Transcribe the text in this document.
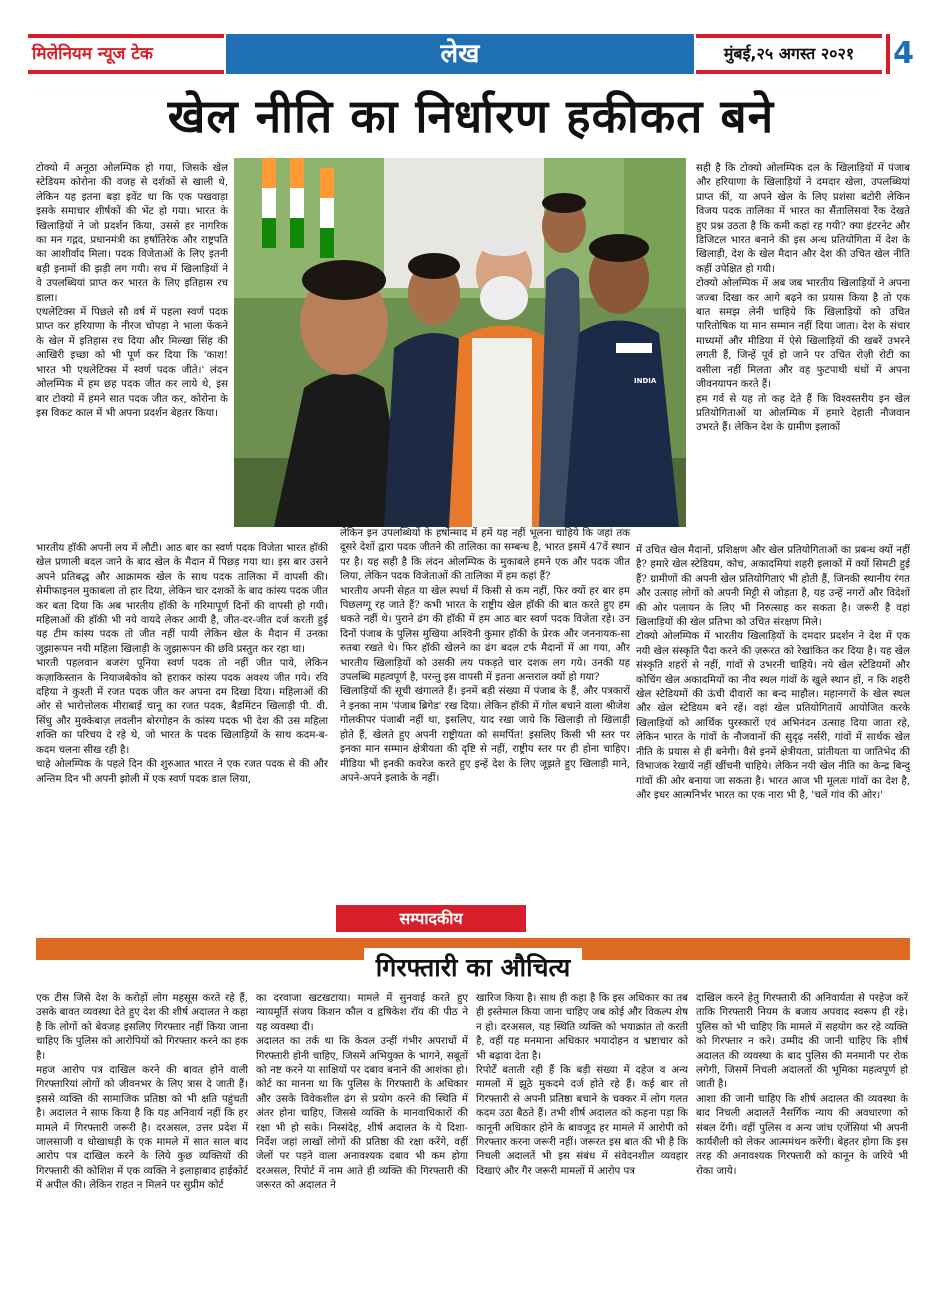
मिलेनियम न्यूज टेक	लेख	मुंबई,२५ अगस्त २०२१	4
खेल नीति का निर्धारण हकीकत बने

टोक्यो में अनूठा ओलम्पिक हो गया, जिसके खेल स्टेडियम कोरोना की वजह से दर्शकों से खाली थे, लेकिन यह इतना बड़ा इवेंट था कि एक पखवाड़ा इसके समाचार शीर्षकों की भेंट हो गया। भारत के खिलाड़ियों ने जो प्रदर्शन किया, उससे हर नागरिक का मन गद्गद, प्रधानमंत्री का हर्षातिरेक और राष्ट्रपति का आशीर्वाद मिला। पदक विजेताओं के लिए इतनी बड़ी इनामों की झड़ी लग गयी। सच में खिलाड़ियों ने वे उपलब्धियां प्राप्त कर भारत के लिए इतिहास रच डाला।

एथलेटिक्स में पिछले सौ वर्ष में पहला स्वर्ण पदक प्राप्त कर हरियाणा के नीरज चोपड़ा ने भाला फेंकने के खेल में इतिहास रच दिया और मिल्खा सिंह की आखिरी इच्छा को भी पूर्ण कर दिया कि 'काश! भारत भी एथलेटिक्स में स्वर्ण पदक जीते।' लंदन ओलम्पिक में हम छह पदक जीत कर लाये थे, इस बार टोक्यो में हमने सात पदक जीत कर, कोरोना के इस विकट काल में भी अपना प्रदर्शन बेहतर किया।

भारतीय हॉकी अपनी लय में लौटी। आठ बार का स्वर्ण पदक विजेता भारत हॉकी खेल प्रणाली बदल जाने के बाद खेल के मैदान में पिछड़ गया था। इस बार उसने अपने प्रतिबद्ध और आक्रामक खेल के साथ पदक तालिका में वापसी की। सेमीफाइनल मुकाबला तो हार दिया, लेकिन चार दशकों के बाद कांस्य पदक जीत कर बता दिया कि अब भारतीय हॉकी के गरिमापूर्ण दिनों की वापसी हो गयी। महिलाओं की हॉकी भी नये वायदे लेकर आयी है, जीत-दर-जीत दर्ज करती हुई यह टीम कांस्य पदक तो जीत नहीं पायी लेकिन खेल के मैदान में उनका जुझारूपन नयी महिला खिलाड़ी के जुझारूपन की छवि प्रस्तुत कर रहा था।

भारती पहलवान बजरंग पूनिया स्वर्ण पदक तो नहीं जीत पाये, लेकिन कज़ाकिस्तान के नियाजबेकोव को हराकर कांस्य पदक अवश्य जीत गये। रवि दहिया ने कुश्ती में रजत पदक जीत कर अपना दम दिखा दिया। महिलाओं की ओर से भारोत्तोलक मीराबाई चानू का रजत पदक, बैडमिंटन खिलाड़ी पी. वी. सिंधु और मुक्केबाज़ लवलीन बोरगोहन के कांस्य पदक भी देश की उस महिला शक्ति का परिचय दे रहे थे, जो भारत के पदक खिलाड़ियों के साथ कदम-ब-कदम चलना सीख रही है।

चाहे ओलम्पिक के पहले दिन की शुरुआत भारत ने एक रजत पदक से की और अन्तिम दिन भी अपनी झोली में एक स्वर्ण पदक डाल लिया,

INDIA

लेकिन इन उपलब्धियों के हर्षोन्माद में हमें यह नहीं भूलना चाहिये कि जहां तक दूसरे देशों द्वारा पदक जीतने की तालिका का सम्बन्ध है, भारत इसमें 47वें स्थान पर है। यह सही है कि लंदन ओलम्पिक के मुकाबले हमने एक और पदक जीत लिया, लेकिन पदक विजेताओं की तालिका में हम कहां हैं?

भारतीय अपनी सेहत या खेल स्पर्धा में किसी से कम नहीं, फिर क्यों हर बार हम पिछलग्गू रह जाते हैं? कभी भारत के राष्ट्रीय खेल हॉकी की बात करते हुए हम थकते नहीं थे। पुराने ढंग की हॉकी में हम आठ बार स्वर्ण पदक विजेता रहे। उन दिनों पंजाब के पुलिस मुखिया अश्विनी कुमार हॉकी के प्रेरक और जननायक-सा रुतबा रखते थे। फिर हॉकी खेलने का ढंग बदल टर्फ मैदानों में आ गया, और भारतीय खिलाड़ियों को उसकी लय पकड़ते चार दशक लग गये। उनकी यह उपलब्धि महत्वपूर्ण है, परन्तु इस वापसी में इतना अन्तराल क्यों हो गया?

खिलाड़ियों की सूची खंगालते हैं। इनमें बड़ी संख्या में पंजाब के हैं, और पत्रकारों ने इनका नाम 'पंजाब ब्रिगेड' रख दिया। लेकिन हॉकी में गोल बचाने वाला श्रीजेश गोलकीपर पंजाबी नहीं था, इसलिए, याद रखा जाये कि खिलाड़ी तो खिलाड़ी होते हैं, खेलते हुए अपनी राष्ट्रीयता को समर्पित! इसलिए किसी भी स्तर पर इनका मान सम्मान क्षेत्रीयता की दृष्टि से नहीं, राष्ट्रीय स्तर पर ही होना चाहिए। मीडिया भी इनकी कवरेज करते हुए इन्हें देश के लिए जूझते हुए खिलाड़ी माने, अपने-अपने इलाके के नहीं।

सही है कि टोक्यो ओलम्पिक दल के खिलाड़ियों में पंजाब और हरियाणा के खिलाड़ियों ने दमदार खेला, उपलब्धियां प्राप्त कीं, या अपने खेल के लिए प्रशंसा बटोरी लेकिन विजय पदक तालिका में भारत का सैंतालिसवां रैंक देखते हुए प्रश्न उठता है कि कमी कहां रह गयी? क्या इंटरनेट और डिजिटल भारत बनाने की इस अन्ध प्रतियोगिता में देश के खिलाड़ी, देश के खेल मैदान और देश की उचित खेल नीति कहीं उपेक्षित हो गयी।

टोक्यो ओलम्पिक में अब जब भारतीय खिलाड़ियों ने अपना जज्बा दिखा कर आगे बढ़ने का प्रयास किया है तो एक बात समझ लेनी चाहिये कि खिलाड़ियों को उचित पारितोषिक या मान सम्मान नहीं दिया जाता। देश के संचार माध्यमों और मीडिया में ऐसे खिलाड़ियों की खबरें उभरने लगती हैं, जिन्हें पूर्व हो जाने पर उचित रोज़ी रोटी का वसीला नहीं मिलता और वह फुटपाथी धंधों में अपना जीवनयापन करते हैं।

हम गर्व से यह तो कह देते हैं कि विश्वस्तरीय इन खेल प्रतियोगिताओं या ओलम्पिक में हमारे देहाती नौजवान उभरते हैं। लेकिन देश के ग्रामीण इलाकों

में उचित खेल मैदानों, प्रशिक्षण और खेल प्रतियोगिताओं का प्रबन्ध क्यों नहीं है? हमारे खेल स्टेडियम, कोच, अकादमियां शहरी इलाकों में क्यों सिमटी हुई हैं? ग्रामीणों की अपनी खेल प्रतियोगिताएं भी होती हैं, जिनकी स्थानीय रंगत और उत्साह लोगों को अपनी मिट्टी से जोड़ता है, यह उन्हें नगरों और विदेशों की ओर पलायन के लिए भी निरुत्साह कर सकता है। जरूरी है वहां खिलाड़ियों की खेल प्रतिभा को उचित संरक्षण मिले।

टोक्यो ओलम्पिक में भारतीय खिलाड़ियों के दमदार प्रदर्शन ने देश में एक नयी खेल संस्कृति पैदा करने की ज़रूरत को रेखांकित कर दिया है। यह खेल संस्कृति शहरों से नहीं, गांवों से उभरनी चाहिये। नये खेल स्टेडियमों और कोचिंग खेल अकादमियों का नीव स्थल गांवों के खुले स्थान हों, न कि शहरी खेल स्टेडियमों की ऊंची दीवारों का बन्द माहौल। महानगरों के खेल स्थल और खेल स्टेडियम बने रहें। वहां खेल प्रतियोगितायें आयोजित करके खिलाड़ियों को आर्थिक पुरस्कारों एवं अभिनंदन उत्साह दिया जाता रहे, लेकिन भारत के गांवों के नौजवानों की सुदृढ़ नर्सरी, गांवों में सार्थक खेल नीति के प्रयास से ही बनेगी। वैसे इनमें क्षेत्रीयता, प्रांतीयता या जातिभेद की विभाजक रेखायें नहीं खींचनी चाहिये। लेकिन नयी खेल नीति का केन्द्र बिन्दु गांवों की ओर बनाया जा सकता है। भारत आज भी मूलतः गांवों का देश है, और इधर आत्मनिर्भर भारत का एक नारा भी है, 'चलें गांव की ओर।'

सम्पादकीय
गिरफ्तारी का औचित्य

एक टीस जिसे देश के करोड़ों लोग महसूस करते रहे हैं, उसके बावत व्यवस्था देते हुए देश की शीर्ष अदालत ने कहा है कि लोगों को बेवजह इसलिए गिरफ्तार नहीं किया जाना चाहिए कि पुलिस को आरोपियों को गिरफ्तार करने का हक है।

महज आरोप पत्र दाखिल करने की बावत होने वाली गिरफ्तारियां लोगों को जीवनभर के लिए त्रास दे जाती हैं। इससे व्यक्ति की सामाजिक प्रतिष्ठा को भी क्षति पहुंचती है। अदालत ने साफ किया है कि यह अनिवार्य नहीं कि हर मामले में गिरफ्तारी जरूरी है। दरअसल, उत्तर प्रदेश में जालसाजी व धोखाधड़ी के एक मामले में सात साल बाद आरोप पत्र दाखिल करने के लिये कुछ व्यक्तियों की गिरफ्तारी की कोशिश में एक व्यक्ति ने इलाहाबाद हाईकोर्ट में अपील की। लेकिन राहत न मिलने पर सुप्रीम कोर्ट

का दरवाजा खटखटाया। मामले में सुनवाई करते हुए न्यायमूर्ति संजय किशन कौल व हृषिकेश रॉय की पीठ ने यह व्यवस्था दी।

अदालत का तर्क था कि केवल उन्हीं गंभीर अपराधों में गिरफ्तारी होनी चाहिए, जिसमें अभियुक्त के भागने, सबूतों को नष्ट करने या साक्षियों पर दबाव बनाने की आशंका हो। कोर्ट का मानना था कि पुलिस के गिरफ्तारी के अधिकार और उसके विवेकशील ढंग से प्रयोग करने की स्थिति में अंतर होना चाहिए, जिससे व्यक्ति के मानवाधिकारों की रक्षा भी हो सके। निस्संदेह, शीर्ष अदालत के ये दिशा-निर्देश जहां लाखों लोगों की प्रतिष्ठा की रक्षा करेंगे, वहीं जेलों पर पड़ने वाला अनावश्यक दबाव भी कम होगा दरअसल, रिपोर्ट में नाम आते ही व्यक्ति की गिरफ्तारी की जरूरत को अदालत ने

खारिज किया है। साथ ही कहा है कि इस अधिकार का तब ही इस्तेमाल किया जाना चाहिए जब कोई और विकल्प शेष न हो। दरअसल, यह स्थिति व्यक्ति को भयाक्रांत तो करती है, वहीं यह मनमाना अधिकार भयादोहन व भ्रष्टाचार को भी बढ़ावा देता है।

रिपोर्टें बताती रही हैं कि बड़ी संख्या में दहेज व अन्य मामलों में झूठे मुकदमे दर्ज होते रहे हैं। कई बार तो गिरफ्तारी से अपनी प्रतिष्ठा बचाने के चक्कर में लोग गलत कदम उठा बैठते हैं। तभी शीर्ष अदालत को कहना पड़ा कि कानूनी अधिकार होने के बावजूद हर मामले में आरोपी को गिरफ्तार करना जरूरी नहीं। जरूरत इस बात की भी है कि निचली अदालतें भी इस संबंध में संवेदनशील व्यवहार दिखाएं और गैर जरूरी मामलों में आरोप पत्र

दाखिल करने हेतु गिरफ्तारी की अनिवार्यता से परहेज करें ताकि गिरफ्तारी नियम के बजाय अपवाद स्वरूप ही रहे। पुलिस को भी चाहिए कि मामले में सहयोग कर रहे व्यक्ति को गिरफ्तार न करे। उम्मीद की जानी चाहिए कि शीर्ष अदालत की व्यवस्था के बाद पुलिस की मनमानी पर रोक लगेगी, जिसमें निचली अदालतों की भूमिका महत्वपूर्ण हो जाती है।

आशा की जानी चाहिए कि शीर्ष अदालत की व्यवस्था के बाद निचली अदालतें नैसर्गिक न्याय की अवधारणा को संबल देंगी। वहीं पुलिस व अन्य जांच एजेंसियां भी अपनी कार्यशैली को लेकर आत्ममंथन करेंगी। बेहतर होगा कि इस तरह की अनावश्यक गिरफ्तारी को कानून के जरिये भी रोका जाये।
